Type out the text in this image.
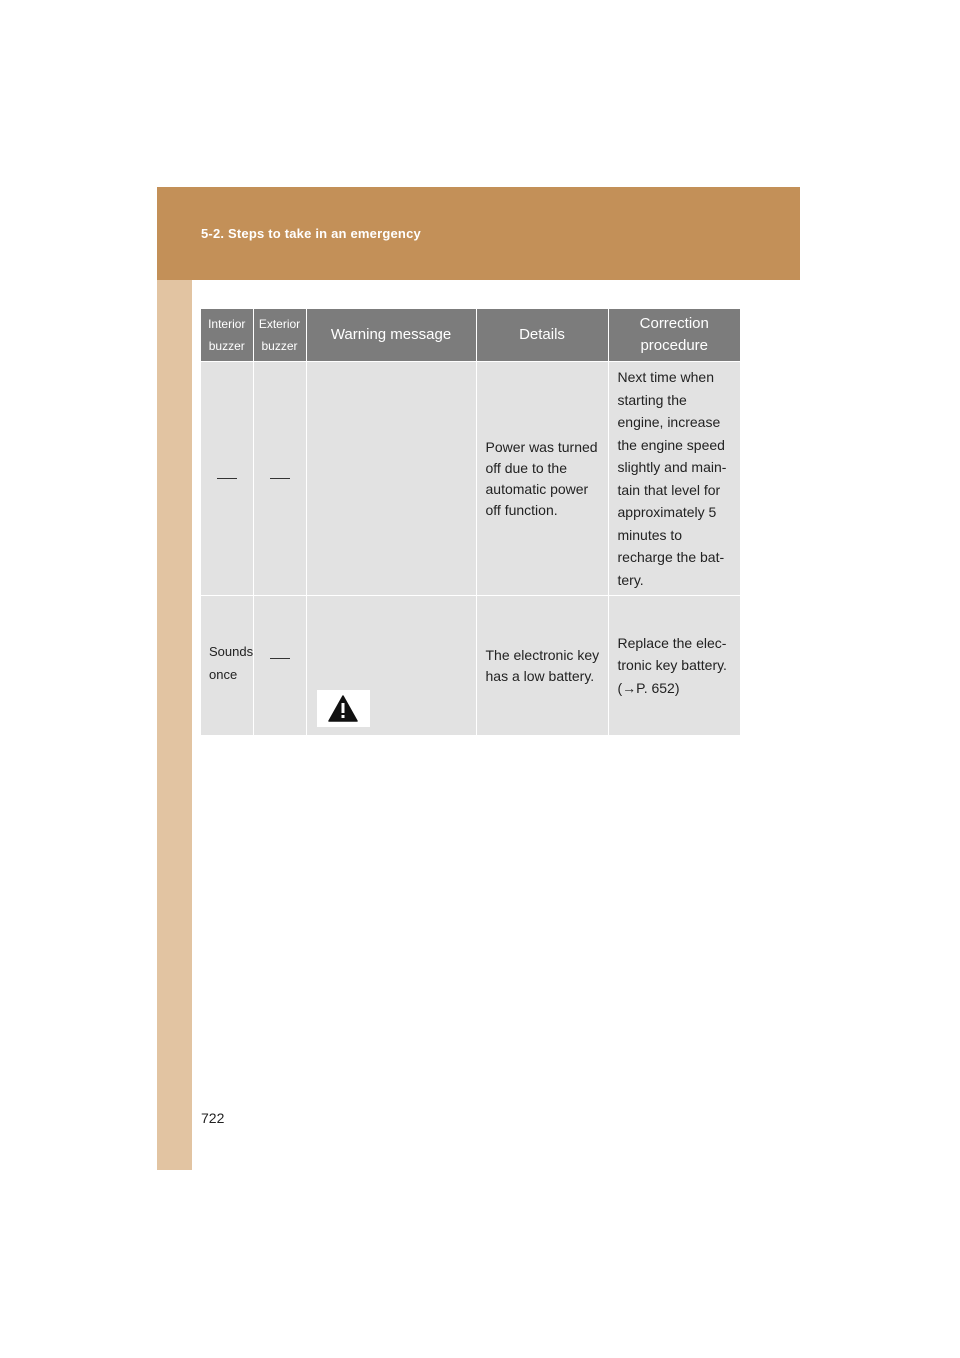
5-2. Steps to take in an emergency
Interior buzzer	Exterior buzzer	Warning message	Details	Correction procedure

			Power was turned off due to the automatic power off function.	Next time when starting the engine, increase the engine speed slightly and main-tain that level for approximately 5 minutes to recharge the bat-tery.

Sounds once			The electronic key has a low battery.	Replace the elec-tronic key battery. (→P. 652)
722
